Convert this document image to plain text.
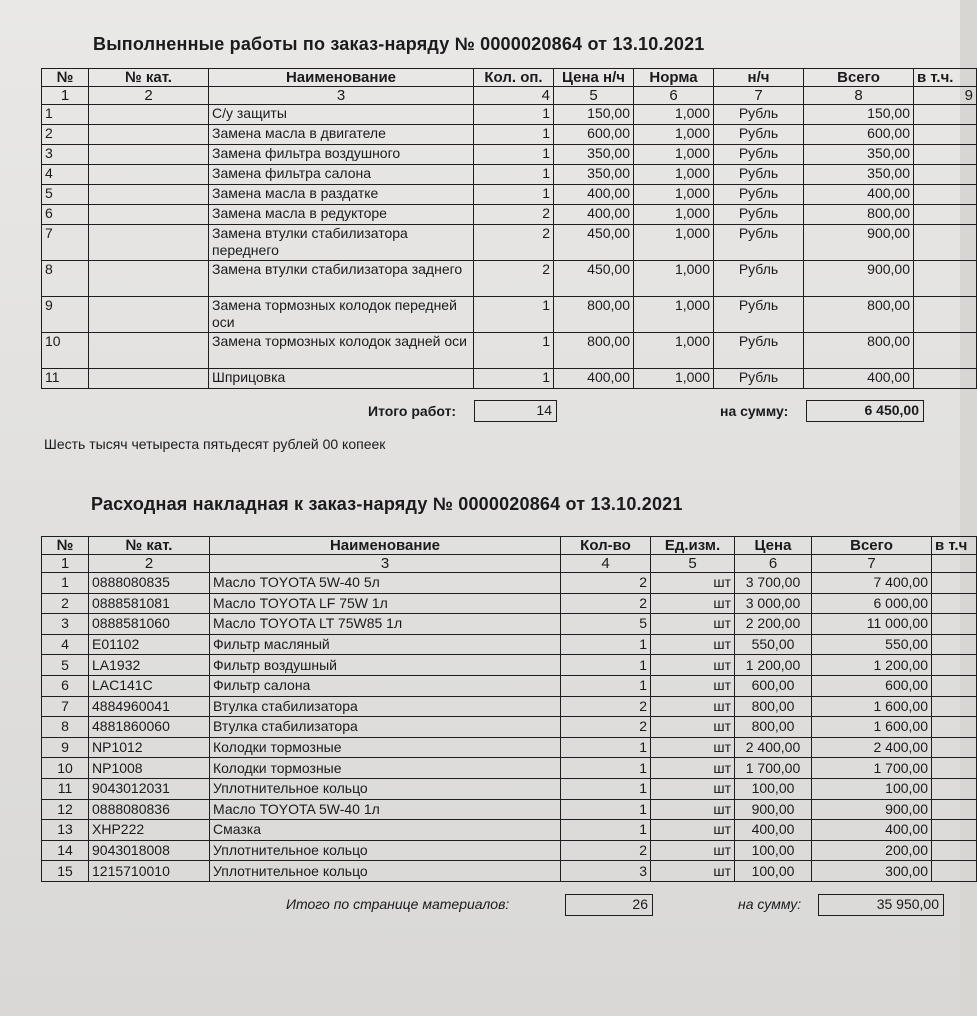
Выполненные работы по заказ-наряду № 0000020864 от 13.10.2021
№	№ кат.	Наименование	Кол. оп.	Цена н/ч	Норма	н/ч	Всего	в т.ч.
1	2	3	4	5	6	7	8	9
1		С/у защиты	1	150,00	1,000	Рубль	150,00	
2		Замена масла в двигателе	1	600,00	1,000	Рубль	600,00	
3		Замена фильтра воздушного	1	350,00	1,000	Рубль	350,00	
4		Замена фильтра салона	1	350,00	1,000	Рубль	350,00	
5		Замена масла в раздатке	1	400,00	1,000	Рубль	400,00	
6		Замена масла в редукторе	2	400,00	1,000	Рубль	800,00	
7		Замена втулки стабилизатора переднего	2	450,00	1,000	Рубль	900,00	
8		Замена втулки стабилизатора заднего	2	450,00	1,000	Рубль	900,00	
9		Замена тормозных колодок передней оси	1	800,00	1,000	Рубль	800,00	
10		Замена тормозных колодок задней оси	1	800,00	1,000	Рубль	800,00	
11		Шприцовка	1	400,00	1,000	Рубль	400,00	
Итого работ:	14	на сумму:	6 450,00
Шесть тысяч четыреста пятьдесят рублей 00 копеек
Расходная накладная к заказ-наряду № 0000020864 от 13.10.2021
№	№ кат.	Наименование	Кол-во	Ед.изм.	Цена	Всего	в т.ч
1	2	3	4	5	6	7	
1	0888080835	Масло TOYOTA 5W-40 5л	2	шт	3 700,00	7 400,00	
2	0888581081	Масло TOYOTA LF 75W 1л	2	шт	3 000,00	6 000,00	
3	0888581060	Масло TOYOTA LT 75W85 1л	5	шт	2 200,00	11 000,00	
4	E01102	Фильтр масляный	1	шт	550,00	550,00	
5	LA1932	Фильтр воздушный	1	шт	1 200,00	1 200,00	
6	LAC141C	Фильтр салона	1	шт	600,00	600,00	
7	4884960041	Втулка стабилизатора	2	шт	800,00	1 600,00	
8	4881860060	Втулка стабилизатора	2	шт	800,00	1 600,00	
9	NP1012	Колодки тормозные	1	шт	2 400,00	2 400,00	
10	NP1008	Колодки тормозные	1	шт	1 700,00	1 700,00	
11	9043012031	Уплотнительное кольцо	1	шт	100,00	100,00	
12	0888080836	Масло TOYOTA 5W-40 1л	1	шт	900,00	900,00	
13	XHP222	Смазка	1	шт	400,00	400,00	
14	9043018008	Уплотнительное кольцо	2	шт	100,00	200,00	
15	1215710010	Уплотнительное кольцо	3	шт	100,00	300,00	
Итого по странице материалов:	26	на сумму:	35 950,00
